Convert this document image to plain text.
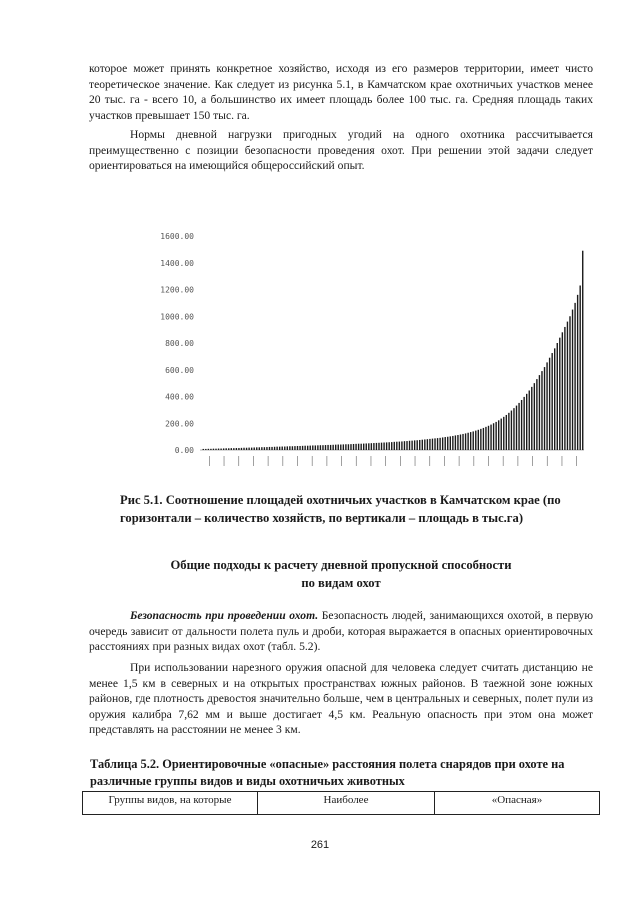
которое может принять конкретное хозяйство, исходя из его размеров территории, имеет чисто теоретическое значение. Как следует из рисунка 5.1, в Камчатском крае охотничьих участков менее 20 тыс. га - всего 10, а большинство их имеет площадь более 100 тыс. га. Средняя площадь таких участков превышает 150 тыс. га.

Нормы дневной нагрузки пригодных угодий на одного охотника рассчитывается преимущественно с позиции безопасности проведения охот. При решении этой задачи следует ориентироваться на имеющийся общероссийский опыт.

0.00
200.00
400.00
600.00
800.00
1000.00
1200.00
1400.00
1600.00

Рис 5.1. Соотношение площадей охотничьих участков в Камчатском крае (по горизонтали – количество хозяйств, по вертикали – площадь в тыс.га)

Общие подходы к расчету дневной пропускной способности
по видам охот

Безопасность при проведении охот. Безопасность людей, занимающихся охотой, в первую очередь зависит от дальности полета пуль и дроби, которая выражается в опасных ориентировочных расстояниях при разных видах охот (табл. 5.2).

При использовании нарезного оружия опасной для человека следует считать дистанцию не менее 1,5 км в северных и на открытых пространствах южных районов. В таежной зоне южных районов, где плотность древостоя значительно больше, чем в центральных и северных, полет пули из оружия калибра 7,62 мм и выше достигает 4,5 км. Реальную опасность при этом она может представлять на расстоянии не менее 3 км.

Таблица 5.2. Ориентировочные «опасные» расстояния полета снарядов при охоте на различные группы видов и виды охотничьих животных

Группы видов, на которые	Наиболее	«Опасная»
261
